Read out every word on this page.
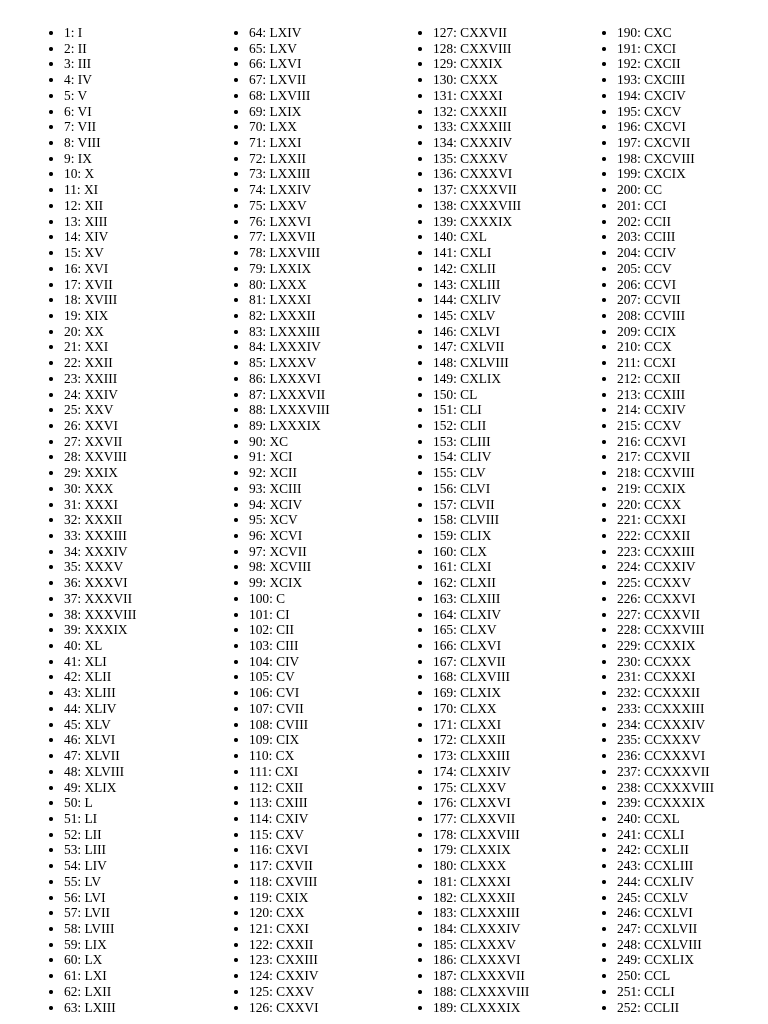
• 1: I
• 2: II
• 3: III
• 4: IV
• 5: V
• 6: VI
• 7: VII
• 8: VIII
• 9: IX
• 10: X
• 11: XI
• 12: XII
• 13: XIII
• 14: XIV
• 15: XV
• 16: XVI
• 17: XVII
• 18: XVIII
• 19: XIX
• 20: XX
• 21: XXI
• 22: XXII
• 23: XXIII
• 24: XXIV
• 25: XXV
• 26: XXVI
• 27: XXVII
• 28: XXVIII
• 29: XXIX
• 30: XXX
• 31: XXXI
• 32: XXXII
• 33: XXXIII
• 34: XXXIV
• 35: XXXV
• 36: XXXVI
• 37: XXXVII
• 38: XXXVIII
• 39: XXXIX
• 40: XL
• 41: XLI
• 42: XLII
• 43: XLIII
• 44: XLIV
• 45: XLV
• 46: XLVI
• 47: XLVII
• 48: XLVIII
• 49: XLIX
• 50: L
• 51: LI
• 52: LII
• 53: LIII
• 54: LIV
• 55: LV
• 56: LVI
• 57: LVII
• 58: LVIII
• 59: LIX
• 60: LX
• 61: LXI
• 62: LXII
• 63: LXIII
• 64: LXIV
• 65: LXV
• 66: LXVI
• 67: LXVII
• 68: LXVIII
• 69: LXIX
• 70: LXX
• 71: LXXI
• 72: LXXII
• 73: LXXIII
• 74: LXXIV
• 75: LXXV
• 76: LXXVI
• 77: LXXVII
• 78: LXXVIII
• 79: LXXIX
• 80: LXXX
• 81: LXXXI
• 82: LXXXII
• 83: LXXXIII
• 84: LXXXIV
• 85: LXXXV
• 86: LXXXVI
• 87: LXXXVII
• 88: LXXXVIII
• 89: LXXXIX
• 90: XC
• 91: XCI
• 92: XCII
• 93: XCIII
• 94: XCIV
• 95: XCV
• 96: XCVI
• 97: XCVII
• 98: XCVIII
• 99: XCIX
• 100: C
• 101: CI
• 102: CII
• 103: CIII
• 104: CIV
• 105: CV
• 106: CVI
• 107: CVII
• 108: CVIII
• 109: CIX
• 110: CX
• 111: CXI
• 112: CXII
• 113: CXIII
• 114: CXIV
• 115: CXV
• 116: CXVI
• 117: CXVII
• 118: CXVIII
• 119: CXIX
• 120: CXX
• 121: CXXI
• 122: CXXII
• 123: CXXIII
• 124: CXXIV
• 125: CXXV
• 126: CXXVI
• 127: CXXVII
• 128: CXXVIII
• 129: CXXIX
• 130: CXXX
• 131: CXXXI
• 132: CXXXII
• 133: CXXXIII
• 134: CXXXIV
• 135: CXXXV
• 136: CXXXVI
• 137: CXXXVII
• 138: CXXXVIII
• 139: CXXXIX
• 140: CXL
• 141: CXLI
• 142: CXLII
• 143: CXLIII
• 144: CXLIV
• 145: CXLV
• 146: CXLVI
• 147: CXLVII
• 148: CXLVIII
• 149: CXLIX
• 150: CL
• 151: CLI
• 152: CLII
• 153: CLIII
• 154: CLIV
• 155: CLV
• 156: CLVI
• 157: CLVII
• 158: CLVIII
• 159: CLIX
• 160: CLX
• 161: CLXI
• 162: CLXII
• 163: CLXIII
• 164: CLXIV
• 165: CLXV
• 166: CLXVI
• 167: CLXVII
• 168: CLXVIII
• 169: CLXIX
• 170: CLXX
• 171: CLXXI
• 172: CLXXII
• 173: CLXXIII
• 174: CLXXIV
• 175: CLXXV
• 176: CLXXVI
• 177: CLXXVII
• 178: CLXXVIII
• 179: CLXXIX
• 180: CLXXX
• 181: CLXXXI
• 182: CLXXXII
• 183: CLXXXIII
• 184: CLXXXIV
• 185: CLXXXV
• 186: CLXXXVI
• 187: CLXXXVII
• 188: CLXXXVIII
• 189: CLXXXIX
• 190: CXC
• 191: CXCI
• 192: CXCII
• 193: CXCIII
• 194: CXCIV
• 195: CXCV
• 196: CXCVI
• 197: CXCVII
• 198: CXCVIII
• 199: CXCIX
• 200: CC
• 201: CCI
• 202: CCII
• 203: CCIII
• 204: CCIV
• 205: CCV
• 206: CCVI
• 207: CCVII
• 208: CCVIII
• 209: CCIX
• 210: CCX
• 211: CCXI
• 212: CCXII
• 213: CCXIII
• 214: CCXIV
• 215: CCXV
• 216: CCXVI
• 217: CCXVII
• 218: CCXVIII
• 219: CCXIX
• 220: CCXX
• 221: CCXXI
• 222: CCXXII
• 223: CCXXIII
• 224: CCXXIV
• 225: CCXXV
• 226: CCXXVI
• 227: CCXXVII
• 228: CCXXVIII
• 229: CCXXIX
• 230: CCXXX
• 231: CCXXXI
• 232: CCXXXII
• 233: CCXXXIII
• 234: CCXXXIV
• 235: CCXXXV
• 236: CCXXXVI
• 237: CCXXXVII
• 238: CCXXXVIII
• 239: CCXXXIX
• 240: CCXL
• 241: CCXLI
• 242: CCXLII
• 243: CCXLIII
• 244: CCXLIV
• 245: CCXLV
• 246: CCXLVI
• 247: CCXLVII
• 248: CCXLVIII
• 249: CCXLIX
• 250: CCL
• 251: CCLI
• 252: CCLII
